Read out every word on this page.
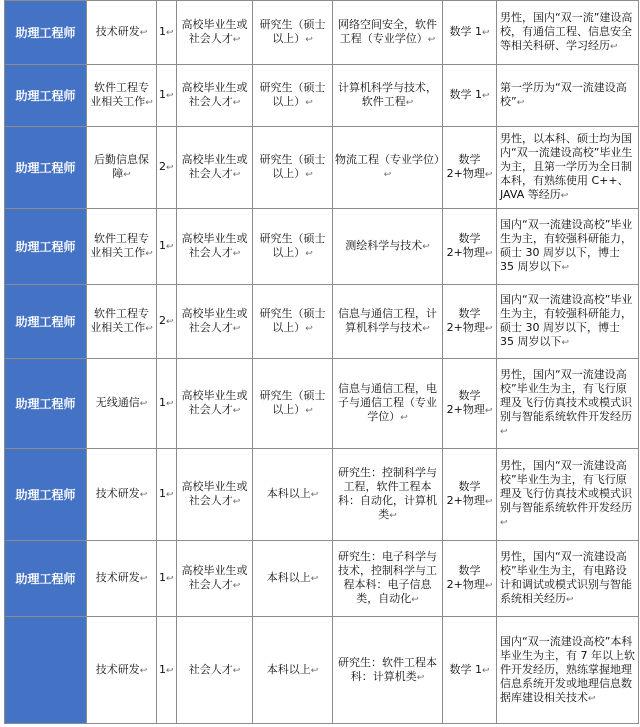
助理工程师	技术研发↩	1↩	高校毕业生或社会人才↩	研究生（硕士以上）↩	网络空间安全，软件工程（专业学位）↩	数学 1↩	男性，国内“双一流”建设高校，有通信工程、信息安全等相关科研、学习经历↩
助理工程师	软件工程专业相关工作↩	1↩	高校毕业生或社会人才↩	研究生（硕士以上）↩	计算机科学与技术，软件工程↩	数学 1↩	第一学历为“双一流建设高校”↩
助理工程师	后勤信息保障↩	2↩	高校毕业生或社会人才↩	研究生（硕士以上）↩	物流工程（专业学位）↩	数学 2+物理↩	男性，以本科、硕士均为国内“双一流建设高校”毕业生为主，且第一学历为全日制本科，有熟练使用 C++、JAVA 等经历↩
助理工程师	软件工程专业相关工作↩	1↩	高校毕业生或社会人才↩	研究生（硕士以上）↩	测绘科学与技术↩	数学 2+物理↩	国内“双一流建设高校”毕业生为主，有较强科研能力，硕士 30 周岁以下，博士 35 周岁以下↩
助理工程师	软件工程专业相关工作↩	2↩	高校毕业生或社会人才↩	研究生（硕士以上）↩	信息与通信工程，计算机科学与技术↩	数学 2+物理↩	国内“双一流建设高校”毕业生为主，有较强科研能力，硕士 30 周岁以下，博士 35 周岁以下↩
助理工程师	无线通信↩	1↩	高校毕业生或社会人才↩	研究生（硕士以上）↩	信息与通信工程，电子与通信工程（专业学位）↩	数学 2+物理↩	男性，国内“双一流建设高校”毕业生为主，有飞行原理及飞行仿真技术或模式识别与智能系统软件开发经历↩
助理工程师	技术研发↩	1↩	高校毕业生或社会人才↩	本科以上↩	研究生：控制科学与工程，软件工程本科：自动化，计算机类↩	数学 2+物理↩	男性，国内“双一流建设高校”毕业生为主，有飞行原理及飞行仿真技术或模式识别与智能系统软件开发经历↩
助理工程师	技术研发↩	1↩	高校毕业生或社会人才↩	本科以上↩	研究生：电子科学与技术，控制科学与工程本科：电子信息类，自动化↩	数学 2+物理↩	男性，国内“双一流建设高校”毕业生为主，有电路设计和调试或模式识别与智能系统相关经历↩
	技术研发↩	1↩	社会人才↩	本科以上↩	研究生：软件工程本科：计算机类↩	数学 1↩	国内“双一流建设高校”本科毕业生为主，有 7 年以上软件开发经历，熟练掌握地理信息系统开发或地理信息数据库建设相关技术↩
